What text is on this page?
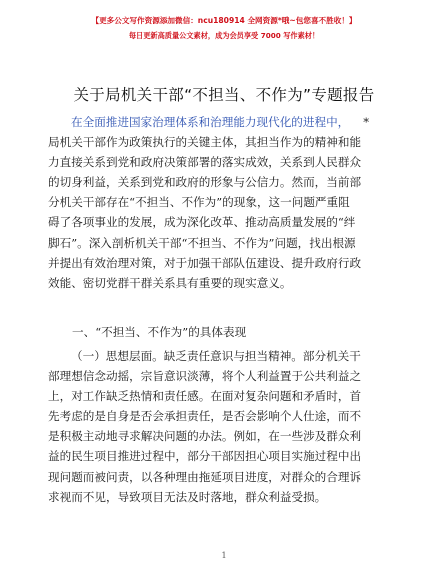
【更多公文写作资源添加微信：ncu180914 全网资源*哦~包您喜不胜收！】
每日更新高质量公文素材，成为会员享受 7000 写作素材！
关于局机关干部“不担当、不作为”专题报告
在全面推进国家治理体系和治理能力现代化的进程中， *
局机关干部作为政策执行的关键主体，其担当作为的精神和能
力直接关系到党和政府决策部署的落实成效，关系到人民群众
的切身利益，关系到党和政府的形象与公信力。然而，当前部
分机关干部存在“不担当、不作为”的现象，这一问题严重阻
碍了各项事业的发展，成为深化改革、推动高质量发展的“绊
脚石”。深入剖析机关干部“不担当、不作为”问题，找出根源
并提出有效治理对策，对于加强干部队伍建设、提升政府行政
效能、密切党群干群关系具有重要的现实意义。
一、“不担当、不作为”的具体表现
（一）思想层面。缺乏责任意识与担当精神。部分机关干
部理想信念动摇，宗旨意识淡薄，将个人利益置于公共利益之
上，对工作缺乏热情和责任感。在面对复杂问题和矛盾时，首
先考虑的是自身是否会承担责任，是否会影响个人仕途，而不
是积极主动地寻求解决问题的办法。例如，在一些涉及群众利
益的民生项目推进过程中，部分干部因担心项目实施过程中出
现问题而被问责，以各种理由拖延项目进度，对群众的合理诉
求视而不见，导致项目无法及时落地，群众利益受损。
1
